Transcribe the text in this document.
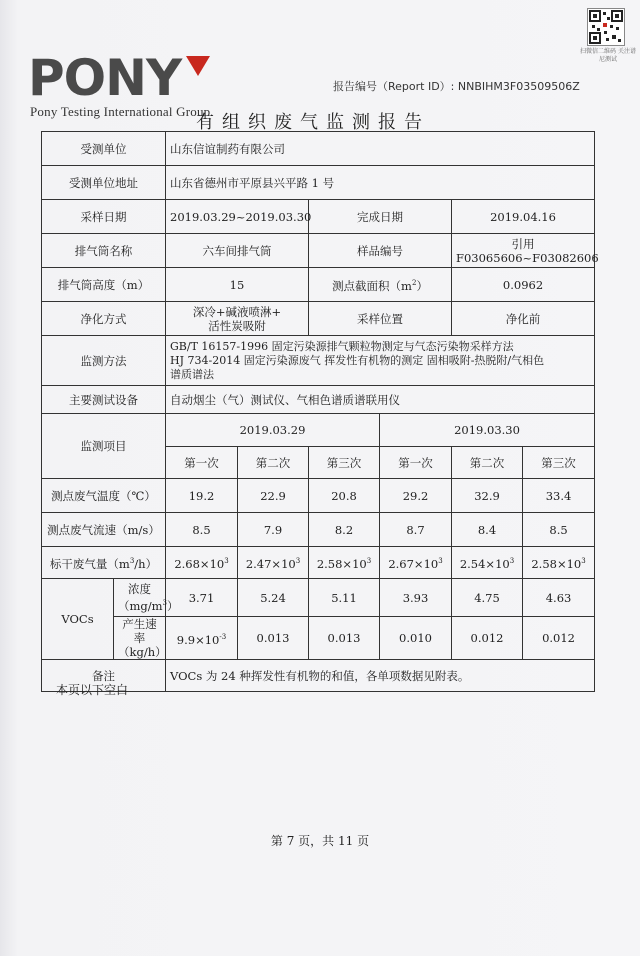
扫微信二维码 关注谱尼测试
PONY
Pony Testing International Group
报告编号（Report ID）: NNBIHM3F03509506Z
有组织废气监测报告
受测单位		山东信谊制药有限公司					
受测单位地址		山东省德州市平原县兴平路 1 号					
采样日期		2019.03.29~2019.03.30		完成日期		2019.04.16	
排气筒名称		六车间排气筒		样品编号		引用
F03065606~F03082606	

排气筒高度（m）		15		测点截面积$(m^2)$		0.0962	
净化方式		深冷+碱液喷淋+
活性炭吸附		采样位置		净化前	
监测方法		GB/T 16157-1996 固定污染源排气颗粒物测定与气态污染物采样方法
HJ 734-2014 固定污染源废气 挥发性有机物的测定 固相吸附-热脱附/气相色
谱质谱法					

主要测试设备		自动烟尘（气）测试仪、气相色谱质谱联用仪					
监测项目		2019.03.29			2019.03.30		
		第一次	第二次	第三次	第一次	第二次	第三次
测点废气温度（℃）		19.2	22.9	20.8	29.2	32.9	33.4
测点废气流速（m/s）		8.5	7.9	8.2	8.7	8.4	8.5
标干废气量$(m^3/h)$		$2.68\times 10^3$	$2.47\times 10^3$	$2.58\times 10^3$	$2.67\times 10^3$	$2.54\times 10^3$	$2.58\times 10^3$
VOCs	浓度
$(mg/m^3)$	3.71	5.24	5.11	3.93	4.75	4.63

	产生速率
（kg/h）	$9.9\times 10^{-3}$	0.013	0.013	0.010	0.012	0.012
备注		VOCs 为 24 种挥发性有机物的和值，各单项数据见附表。					
本页以下空白
第 7 页，共 11 页
